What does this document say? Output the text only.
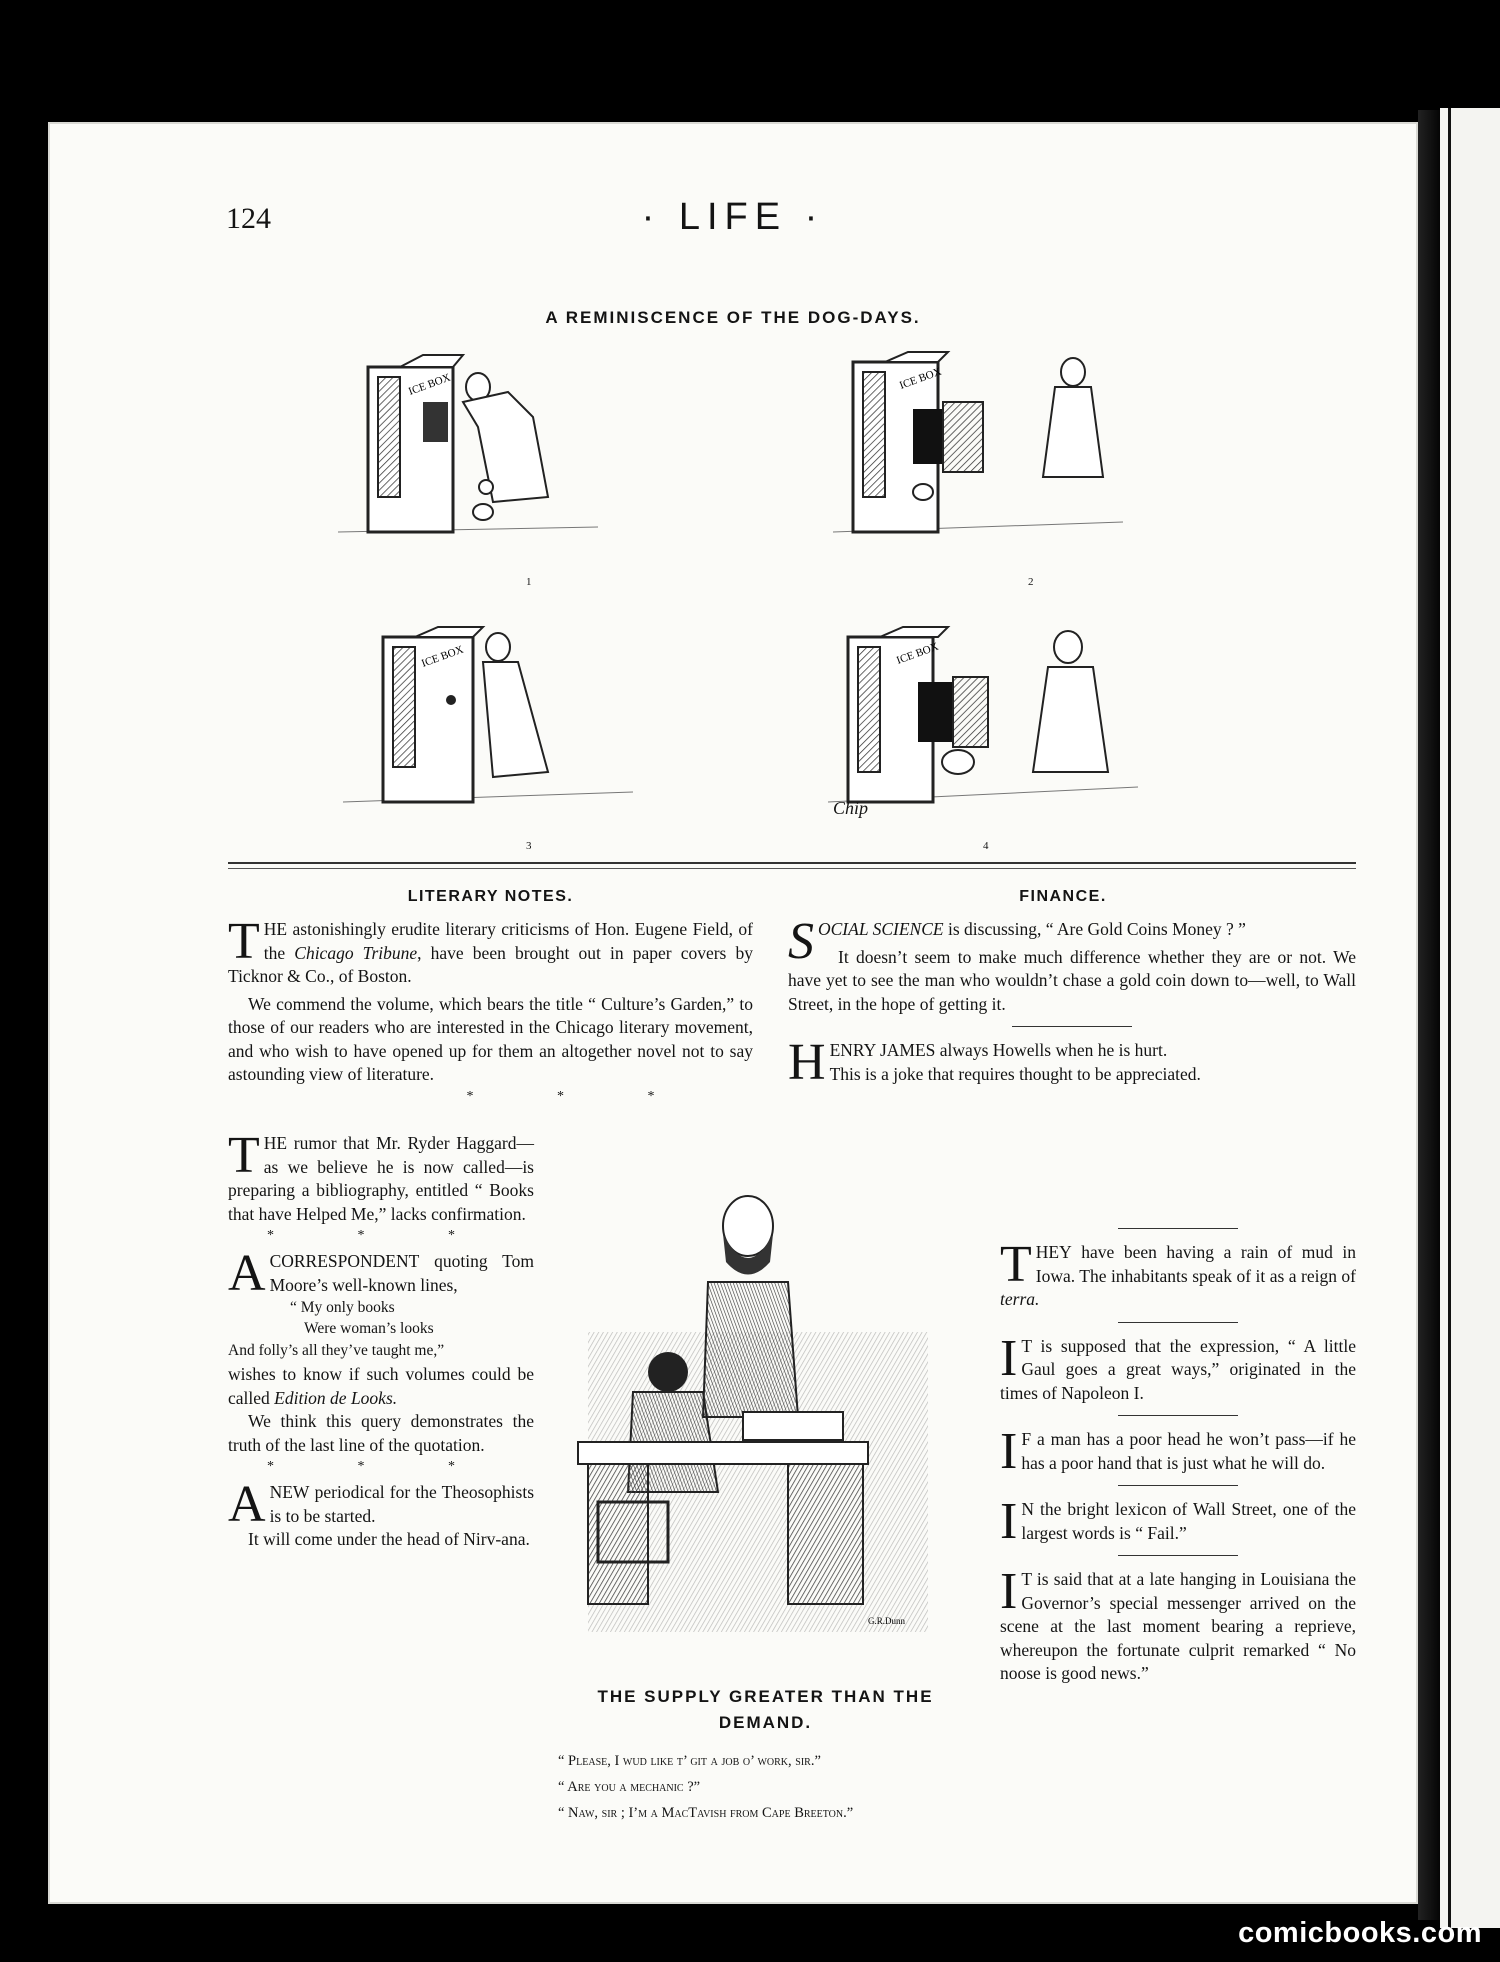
124	· LIFE ·
A REMINISCENCE OF THE DOG-DAYS.
ICE BOX
1
ICE BOX
2
ICE BOX
3
ICE BOX
Chip
4
LITERARY NOTES.

THE astonishingly erudite literary criticisms of Hon. Eugene Field, of the Chicago Tribune, have been brought out in paper covers by Ticknor & Co., of Boston.

We commend the volume, which bears the title “ Culture’s Garden,” to those of our readers who are interested in the Chicago literary movement, and who wish to have opened up for them an altogether novel not to say astounding view of literature.

* * *

THE rumor that Mr. Ryder Haggard—as we believe he is now called—is preparing a bibliography, entitled “ Books that have Helped Me,” lacks confirmation.

* * *

ACORRESPONDENT quoting Tom Moore’s well-known lines,

“ My only books

Were woman’s looks

And folly’s all they’ve taught me,”

wishes to know if such volumes could be called Edition de Looks.

We think this query demonstrates the truth of the last line of the quotation.

* * *

ANEW periodical for the Theosophists is to be started.

It will come under the head of Nirv-ana.

G.R.Dunn
THE SUPPLY GREATER THAN THE DEMAND.

“ Please, I wud like t’ git a job o’ work, sir.”

“ Are you a mechanic ?”

“ Naw, sir ; I’m a MacTavish from Cape Breeton.”

FINANCE.

SOCIAL SCIENCE is discussing, “ Are Gold Coins Money ? ”

It doesn’t seem to make much difference whether they are or not. We have yet to see the man who wouldn’t chase a gold coin down to—well, to Wall Street, in the hope of getting it.

HENRY JAMES always Howells when he is hurt.

This is a joke that requires thought to be appreciated.

THEY have been having a rain of mud in Iowa. The inhabitants speak of it as a reign of terra.

I T is supposed that the expression, “ A little Gaul goes a great ways,” originated in the times of Napoleon I.

I F a man has a poor head he won’t pass—if he has a poor hand that is just what he will do.

I N the bright lexicon of Wall Street, one of the largest words is “ Fail.”

I T is said that at a late hanging in Louisiana the Governor’s special messenger arrived on the scene at the last moment bearing a reprieve, whereupon the fortunate culprit remarked “ No noose is good news.”

comicbooks.com
